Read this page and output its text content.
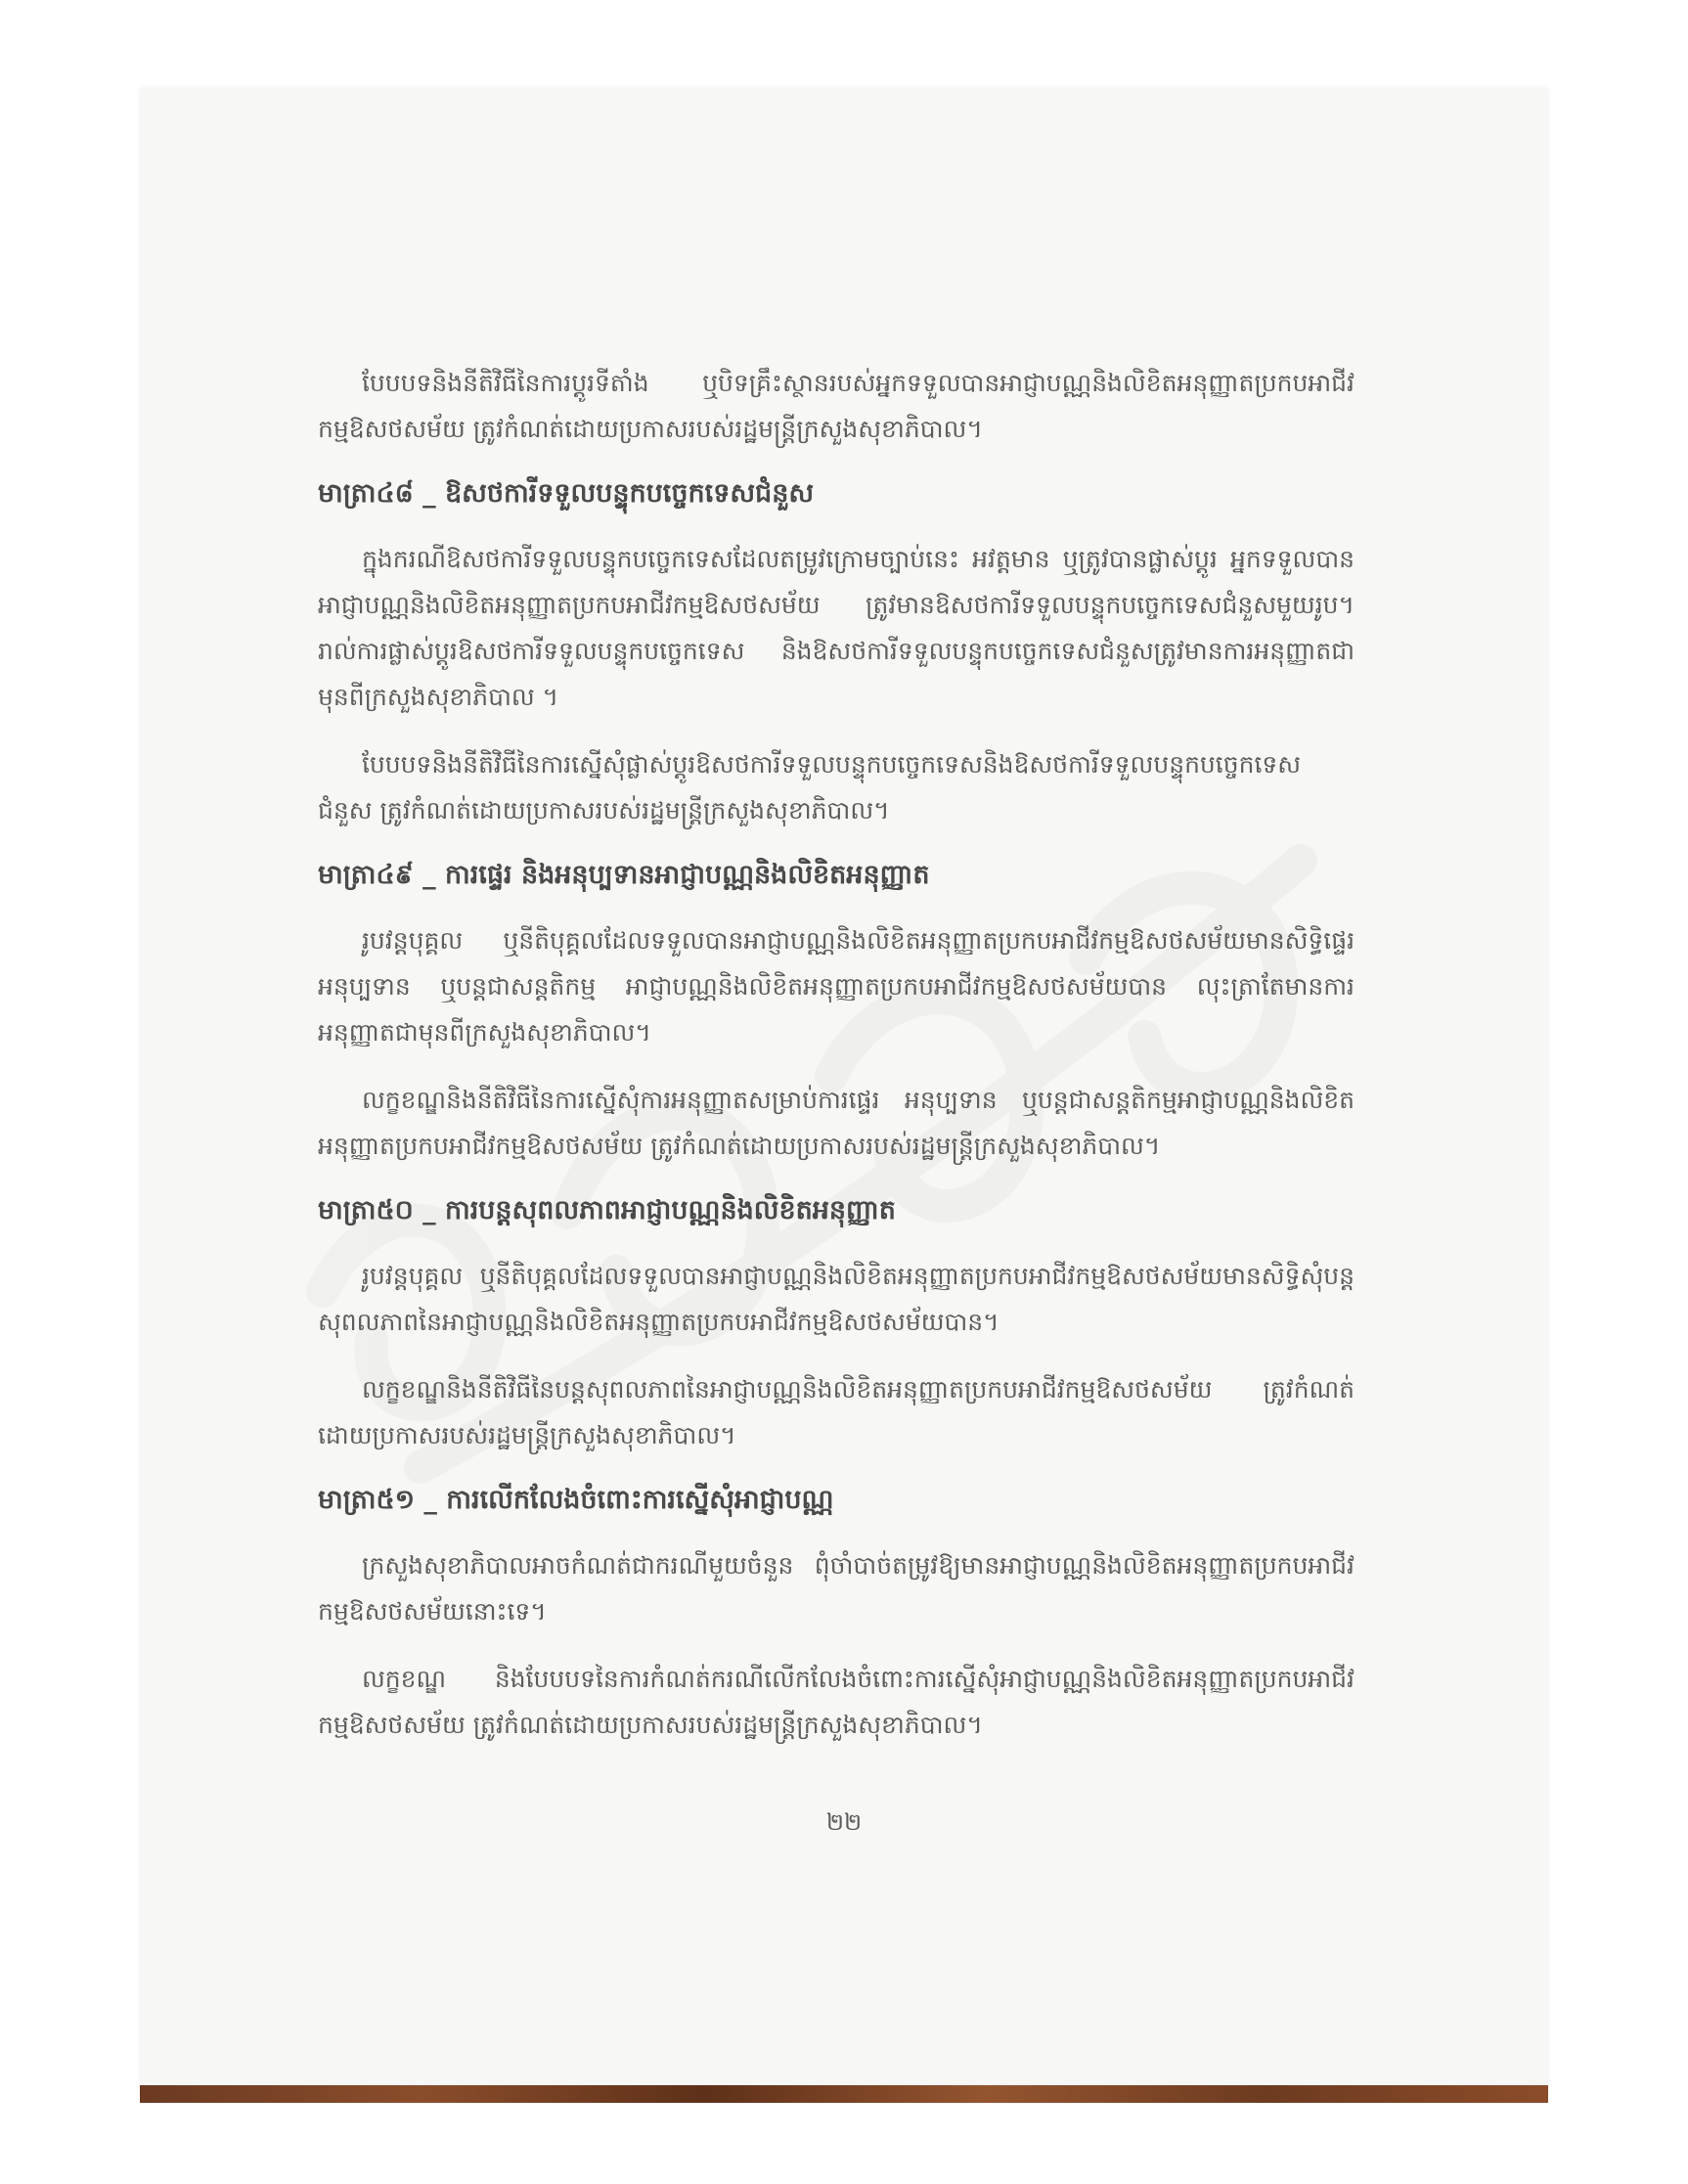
បែបបទនិងនីតិវិធីនៃការប្ដូរទីតាំង ឬបិទគ្រឹះស្ថានរបស់អ្នកទទួលបានអាជ្ញាបណ្ណនិងលិខិតអនុញ្ញាតប្រកបអាជីវកម្មឱសថសម័យ ត្រូវកំណត់ដោយប្រកាសរបស់រដ្ឋមន្ត្រីក្រសួងសុខាភិបាល។

មាត្រា៤៨ _ ឱសថការីទទួលបន្ទុកបច្ចេកទេសជំនួស

ក្នុងករណីឱសថការីទទួលបន្ទុកបច្ចេកទេសដែលតម្រូវក្រោមច្បាប់នេះ អវត្តមាន ឬត្រូវបានផ្លាស់ប្ដូរ អ្នកទទួលបានអាជ្ញាបណ្ណនិងលិខិតអនុញ្ញាតប្រកបអាជីវកម្មឱសថសម័យ ត្រូវមានឱសថការីទទួលបន្ទុកបច្ចេកទេសជំនួសមួយរូប។ រាល់ការផ្លាស់ប្ដូរឱសថការីទទួលបន្ទុកបច្ចេកទេស និងឱសថការីទទួលបន្ទុកបច្ចេកទេសជំនួសត្រូវមានការអនុញ្ញាតជាមុនពីក្រសួងសុខាភិបាល ។

បែបបទនិងនីតិវិធីនៃការស្នើសុំផ្លាស់ប្ដូរឱសថការីទទួលបន្ទុកបច្ចេកទេសនិងឱសថការីទទួលបន្ទុកបច្ចេកទេសជំនួស ត្រូវកំណត់ដោយប្រកាសរបស់រដ្ឋមន្ត្រីក្រសួងសុខាភិបាល។

មាត្រា៤៩ _ ការផ្ទេរ និងអនុប្បទានអាជ្ញាបណ្ណនិងលិខិតអនុញ្ញាត

រូបវន្តបុគ្គល ឬនីតិបុគ្គលដែលទទួលបានអាជ្ញាបណ្ណនិងលិខិតអនុញ្ញាតប្រកបអាជីវកម្មឱសថសម័យមានសិទ្ធិផ្ទេរ អនុប្បទាន ឬបន្តជាសន្តតិកម្ម អាជ្ញាបណ្ណនិងលិខិតអនុញ្ញាតប្រកបអាជីវកម្មឱសថសម័យបាន លុះត្រាតែមានការអនុញ្ញាតជាមុនពីក្រសួងសុខាភិបាល។

លក្ខខណ្ឌនិងនីតិវិធីនៃការស្នើសុំការអនុញ្ញាតសម្រាប់ការផ្ទេរ អនុប្បទាន ឬបន្តជាសន្តតិកម្មអាជ្ញាបណ្ណនិងលិខិតអនុញ្ញាតប្រកបអាជីវកម្មឱសថសម័យ ត្រូវកំណត់ដោយប្រកាសរបស់រដ្ឋមន្ត្រីក្រសួងសុខាភិបាល។

មាត្រា៥០ _ ការបន្តសុពលភាពអាជ្ញាបណ្ណនិងលិខិតអនុញ្ញាត

រូបវន្តបុគ្គល ឬនីតិបុគ្គលដែលទទួលបានអាជ្ញាបណ្ណនិងលិខិតអនុញ្ញាតប្រកបអាជីវកម្មឱសថសម័យមានសិទ្ធិសុំបន្តសុពលភាពនៃអាជ្ញាបណ្ណនិងលិខិតអនុញ្ញាតប្រកបអាជីវកម្មឱសថសម័យបាន។

លក្ខខណ្ឌនិងនីតិវិធីនៃបន្តសុពលភាពនៃអាជ្ញាបណ្ណនិងលិខិតអនុញ្ញាតប្រកបអាជីវកម្មឱសថសម័យ ត្រូវកំណត់ដោយប្រកាសរបស់រដ្ឋមន្ត្រីក្រសួងសុខាភិបាល។

មាត្រា៥១ _ ការលើកលែងចំពោះការស្នើសុំអាជ្ញាបណ្ណ

ក្រសួងសុខាភិបាលអាចកំណត់ជាករណីមួយចំនួន ពុំចាំបាច់តម្រូវឱ្យមានអាជ្ញាបណ្ណនិងលិខិតអនុញ្ញាតប្រកបអាជីវកម្មឱសថសម័យនោះទេ។

លក្ខខណ្ឌ និងបែបបទនៃការកំណត់ករណីលើកលែងចំពោះការស្នើសុំអាជ្ញាបណ្ណនិងលិខិតអនុញ្ញាតប្រកបអាជីវកម្មឱសថសម័យ ត្រូវកំណត់ដោយប្រកាសរបស់រដ្ឋមន្ត្រីក្រសួងសុខាភិបាល។

២២
